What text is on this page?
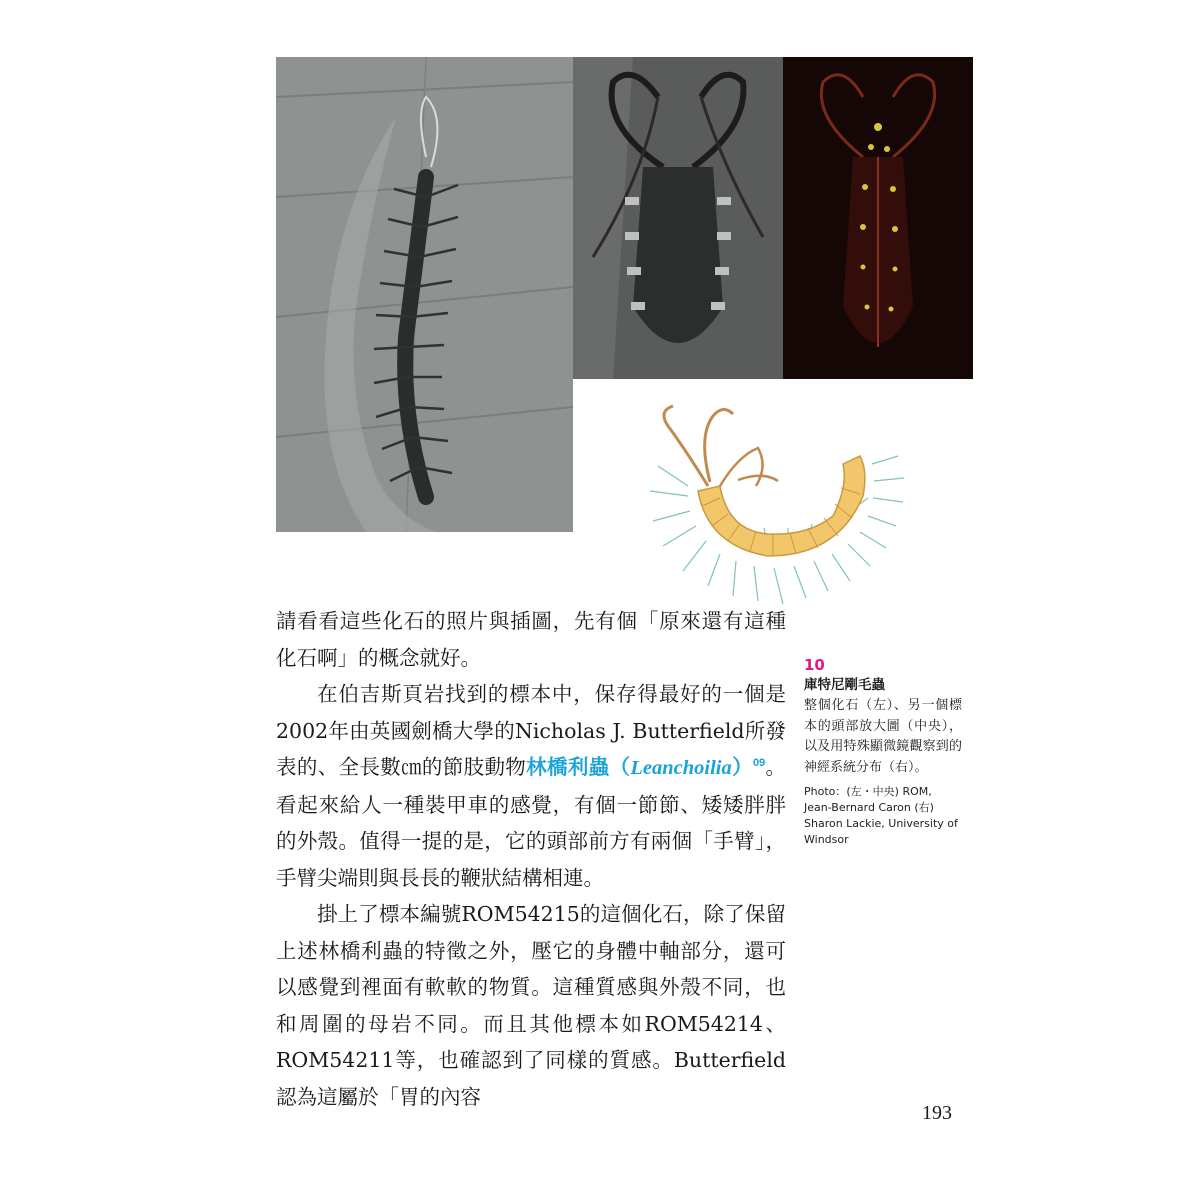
請看看這些化石的照片與插圖，先有個「原來還有這種化石啊」的概念就好。

在伯吉斯頁岩找到的標本中，保存得最好的一個是2002年由英國劍橋大學的Nicholas J. Butterfield所發表的、全長數㎝的節肢動物林橋利蟲（Leanchoilia）$^{09}$。看起來給人一種裝甲車的感覺，有個一節節、矮矮胖胖的外殼。值得一提的是，它的頭部前方有兩個「手臂」，手臂尖端則與長長的鞭狀結構相連。

掛上了標本編號ROM54215的這個化石，除了保留上述林橋利蟲的特徵之外，壓它的身體中軸部分，還可以感覺到裡面有軟軟的物質。這種質感與外殼不同，也和周圍的母岩不同。而且其他標本如ROM54214、ROM54211等，也確認到了同樣的質感。Butterfield認為這屬於「胃的內容

10
庫特尼剛毛蟲
整個化石（左）、另一個標本的頭部放大圖（中央），以及用特殊顯微鏡觀察到的神經系統分布（右）。
Photo：(左・中央) ROM, Jean-Bernard Caron (右) Sharon Lackie, University of Windsor
193
